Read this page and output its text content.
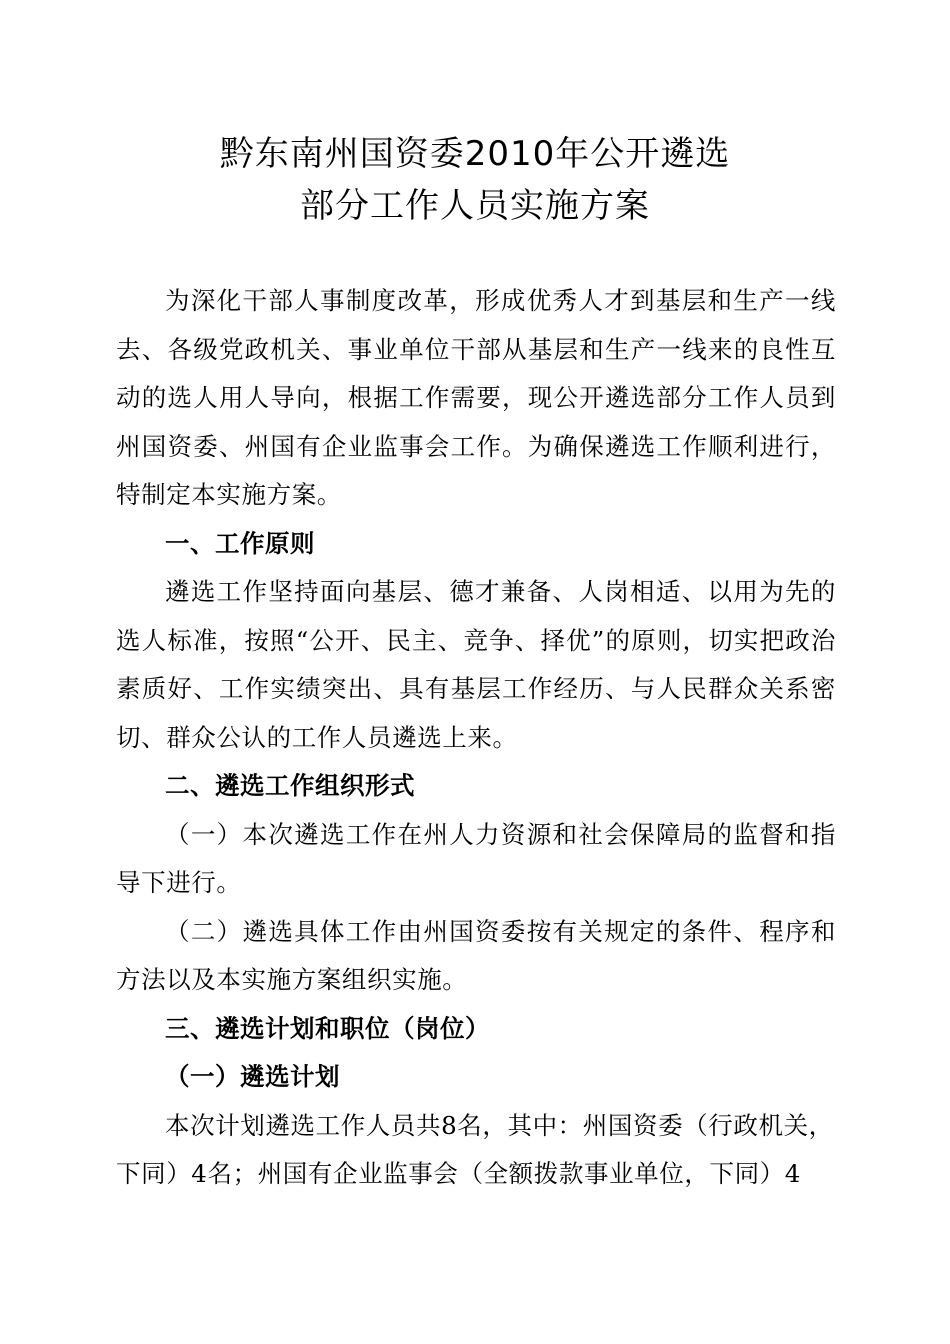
黔东南州国资委2010年公开遴选
部分工作人员实施方案

为深化干部人事制度改革，形成优秀人才到基层和生产一线去、各级党政机关、事业单位干部从基层和生产一线来的良性互动的选人用人导向，根据工作需要，现公开遴选部分工作人员到州国资委、州国有企业监事会工作。为确保遴选工作顺利进行，特制定本实施方案。

一、工作原则

遴选工作坚持面向基层、德才兼备、人岗相适、以用为先的选人标准，按照“公开、民主、竞争、择优”的原则，切实把政治素质好、工作实绩突出、具有基层工作经历、与人民群众关系密切、群众公认的工作人员遴选上来。

二、遴选工作组织形式

（一）本次遴选工作在州人力资源和社会保障局的监督和指导下进行。

（二）遴选具体工作由州国资委按有关规定的条件、程序和方法以及本实施方案组织实施。

三、遴选计划和职位（岗位）

（一）遴选计划

本次计划遴选工作人员共8名，其中：州国资委（行政机关，

下同）4名；州国有企业监事会（全额拨款事业单位，下同）4
